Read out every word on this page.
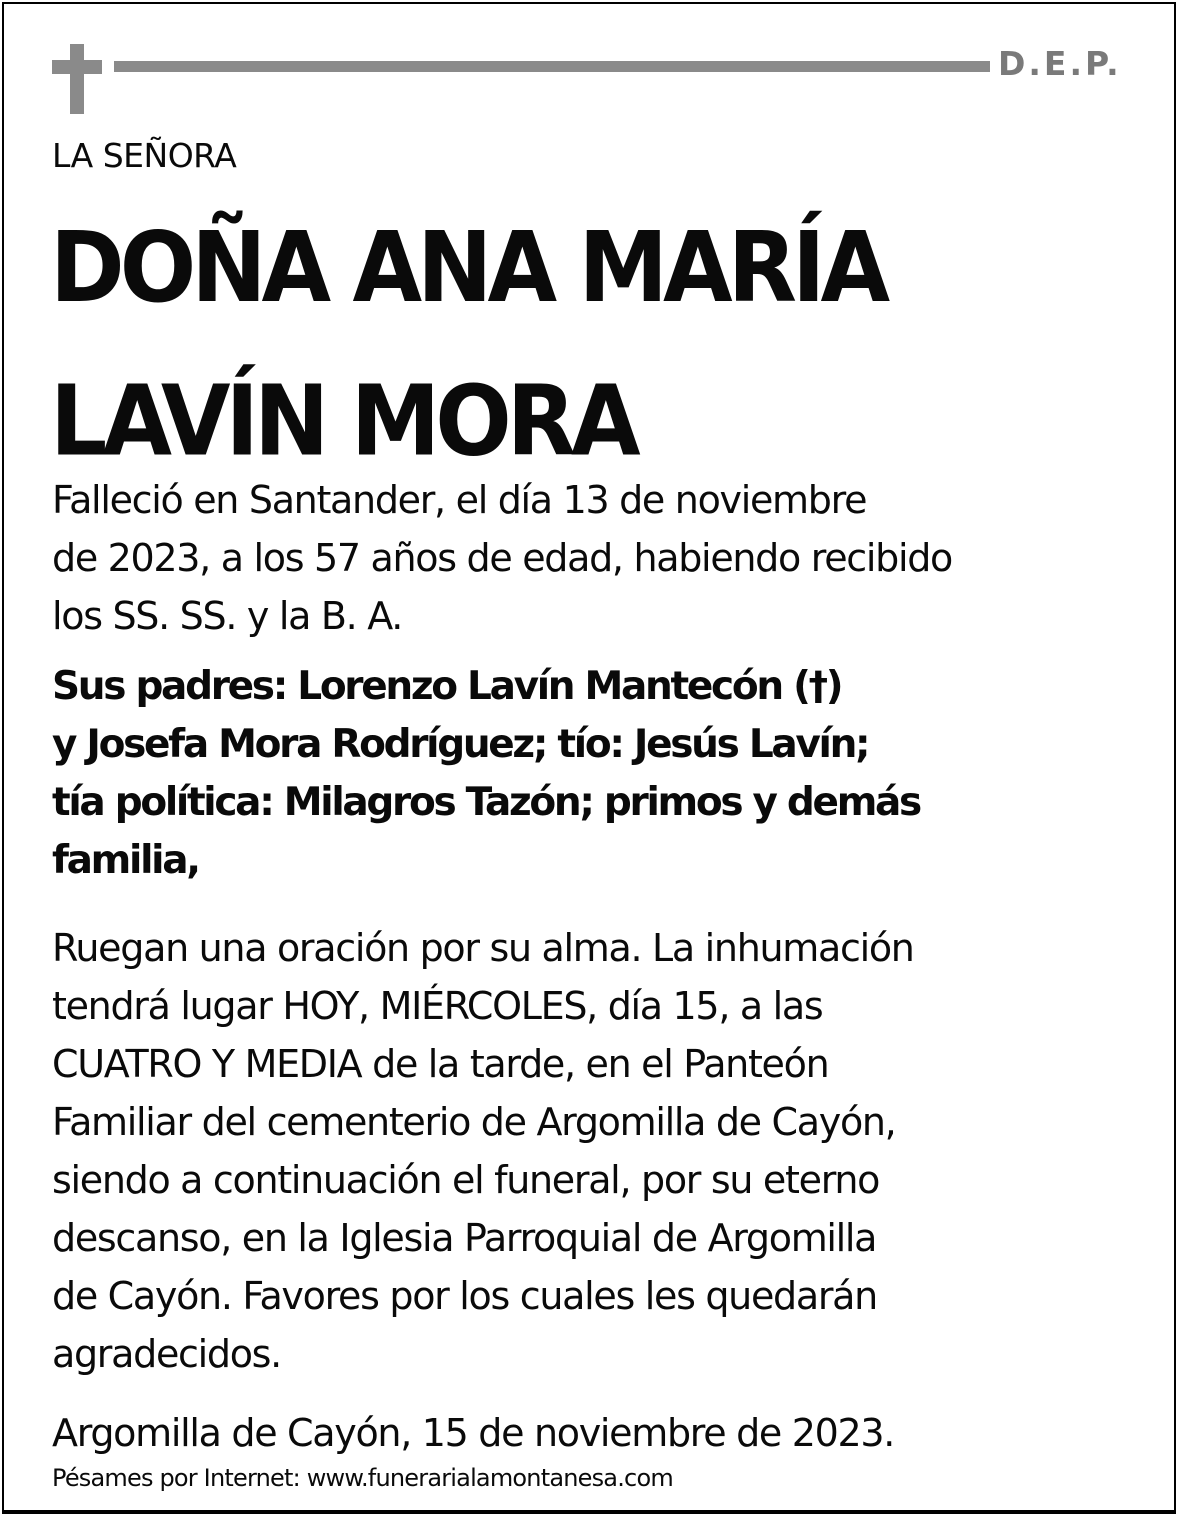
D.E.P.
LA SEÑORA
DOÑA ANA MARÍA
LAVÍN MORA
Falleció en Santander, el día 13 de noviembre
de 2023, a los 57 años de edad, habiendo recibido
los SS. SS. y la B. A.
Sus padres: Lorenzo Lavín Mantecón (†)
y Josefa Mora Rodríguez; tío: Jesús Lavín;
tía política: Milagros Tazón; primos y demás
familia,
Ruegan una oración por su alma. La inhumación
tendrá lugar HOY, MIÉRCOLES, día 15, a las
CUATRO Y MEDIA de la tarde, en el Panteón
Familiar del cementerio de Argomilla de Cayón,
siendo a continuación el funeral, por su eterno
descanso, en la Iglesia Parroquial de Argomilla
de Cayón. Favores por los cuales les quedarán
agradecidos.
Argomilla de Cayón, 15 de noviembre de 2023.
Pésames por Internet: www.funerarialamontanesa.com
